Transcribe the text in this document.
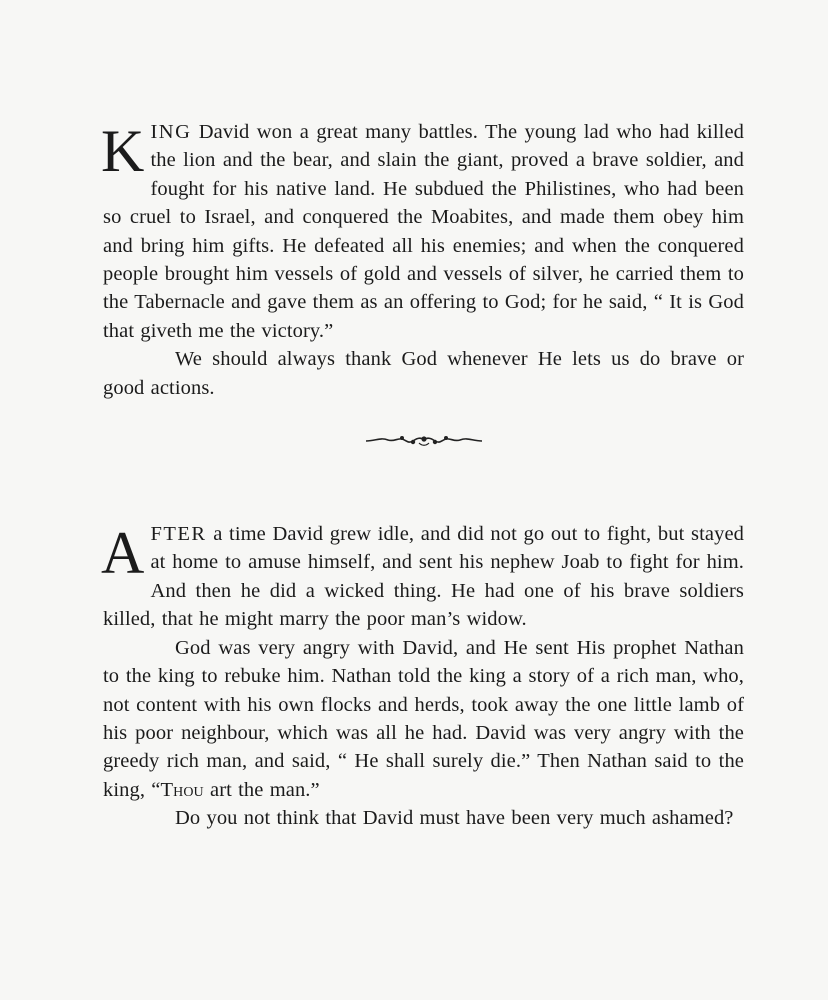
KING David won a great many battles. The young lad who had killed the lion and the bear, and slain the giant, proved a brave soldier, and fought for his native land. He subdued the Philistines, who had been so cruel to Israel, and conquered the Moabites, and made them obey him and bring him gifts. He defeated all his enemies; and when the conquered people brought him vessels of gold and vessels of silver, he carried them to the Tabernacle and gave them as an offering to God; for he said, “ It is God that giveth me the victory.”

We should always thank God whenever He lets us do brave or good actions.

AFTER a time David grew idle, and did not go out to fight, but stayed at home to amuse himself, and sent his nephew Joab to fight for him. And then he did a wicked thing. He had one of his brave soldiers killed, that he might marry the poor man’s widow.

God was very angry with David, and He sent His prophet Nathan to the king to rebuke him. Nathan told the king a story of a rich man, who, not content with his own flocks and herds, took away the one little lamb of his poor neighbour, which was all he had. David was very angry with the greedy rich man, and said, “ He shall surely die.” Then Nathan said to the king, “Thou art the man.”

Do you not think that David must have been very much ashamed?
